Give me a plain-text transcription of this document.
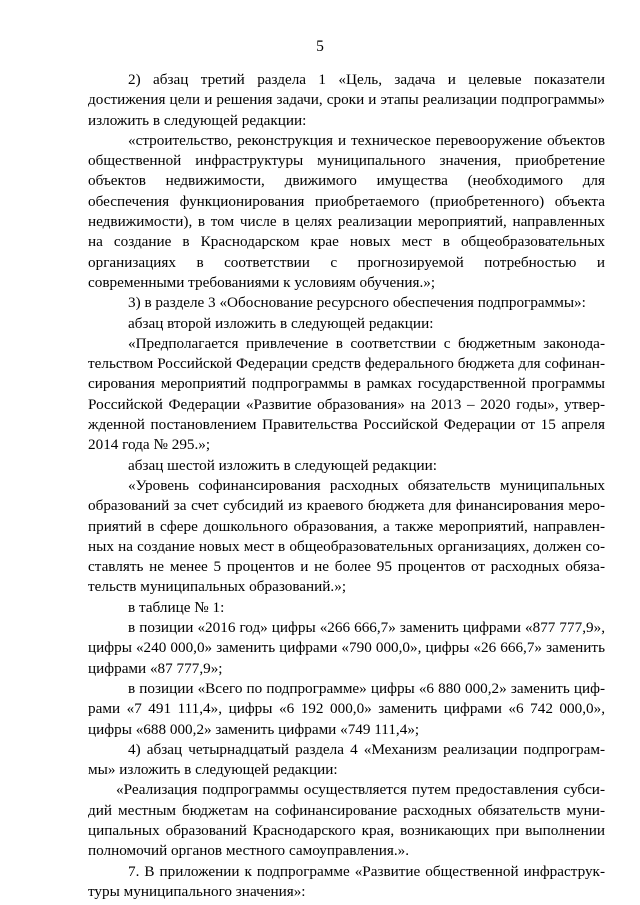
5

2) абзац третий раздела 1 «Цель, задача и целевые показатели достижения цели и решения задачи, сроки и этапы реализации подпрограммы» изложить в следующей редакции:

«строительство, реконструкция и техническое перевооружение объектов общественной инфраструктуры муниципального значения, приобретение объектов недвижимости, движимого имущества (необходимого для обеспечения функционирования приобретаемого (приобретенного) объекта недвижимости), в том числе в целях реализации мероприятий, направленных на создание в Краснодарском крае новых мест в общеобразовательных организациях в соответствии с прогнозируемой потребностью и современными требованиями к условиям обучения.»;

3) в разделе 3 «Обоснование ресурсного обеспечения подпрограммы»:

абзац второй изложить в следующей редакции:

«Предполагается привлечение в соответствии с бюджетным законодательством Российской Федерации средств федерального бюджета для софинансирования мероприятий подпрограммы в рамках государственной программы Российской Федерации «Развитие образования» на 2013 – 2020 годы», утвержденной постановлением Правительства Российской Федерации от 15 апреля 2014 года № 295.»;

абзац шестой изложить в следующей редакции:

«Уровень софинансирования расходных обязательств муниципальных образований за счет субсидий из краевого бюджета для финансирования мероприятий в сфере дошкольного образования, а также мероприятий, направленных на создание новых мест в общеобразовательных организациях, должен составлять не менее 5 процентов и не более 95 процентов от расходных обязательств муниципальных образований.»;

в таблице № 1:

в позиции «2016 год» цифры «266 666,7» заменить цифрами «877 777,9», цифры «240 000,0» заменить цифрами «790 000,0», цифры «26 666,7» заменить цифрами «87 777,9»;

в позиции «Всего по подпрограмме» цифры «6 880 000,2» заменить цифрами «7 491 111,4», цифры «6 192 000,0» заменить цифрами «6 742 000,0», цифры «688 000,2» заменить цифрами «749 111,4»;

4) абзац четырнадцатый раздела 4 «Механизм реализации подпрограммы» изложить в следующей редакции:

«Реализация подпрограммы осуществляется путем предоставления субсидий местным бюджетам на софинансирование расходных обязательств муниципальных образований Краснодарского края, возникающих при выполнении полномочий органов местного самоуправления.».

7. В приложении к подпрограмме «Развитие общественной инфраструктуры муниципального значения»:
